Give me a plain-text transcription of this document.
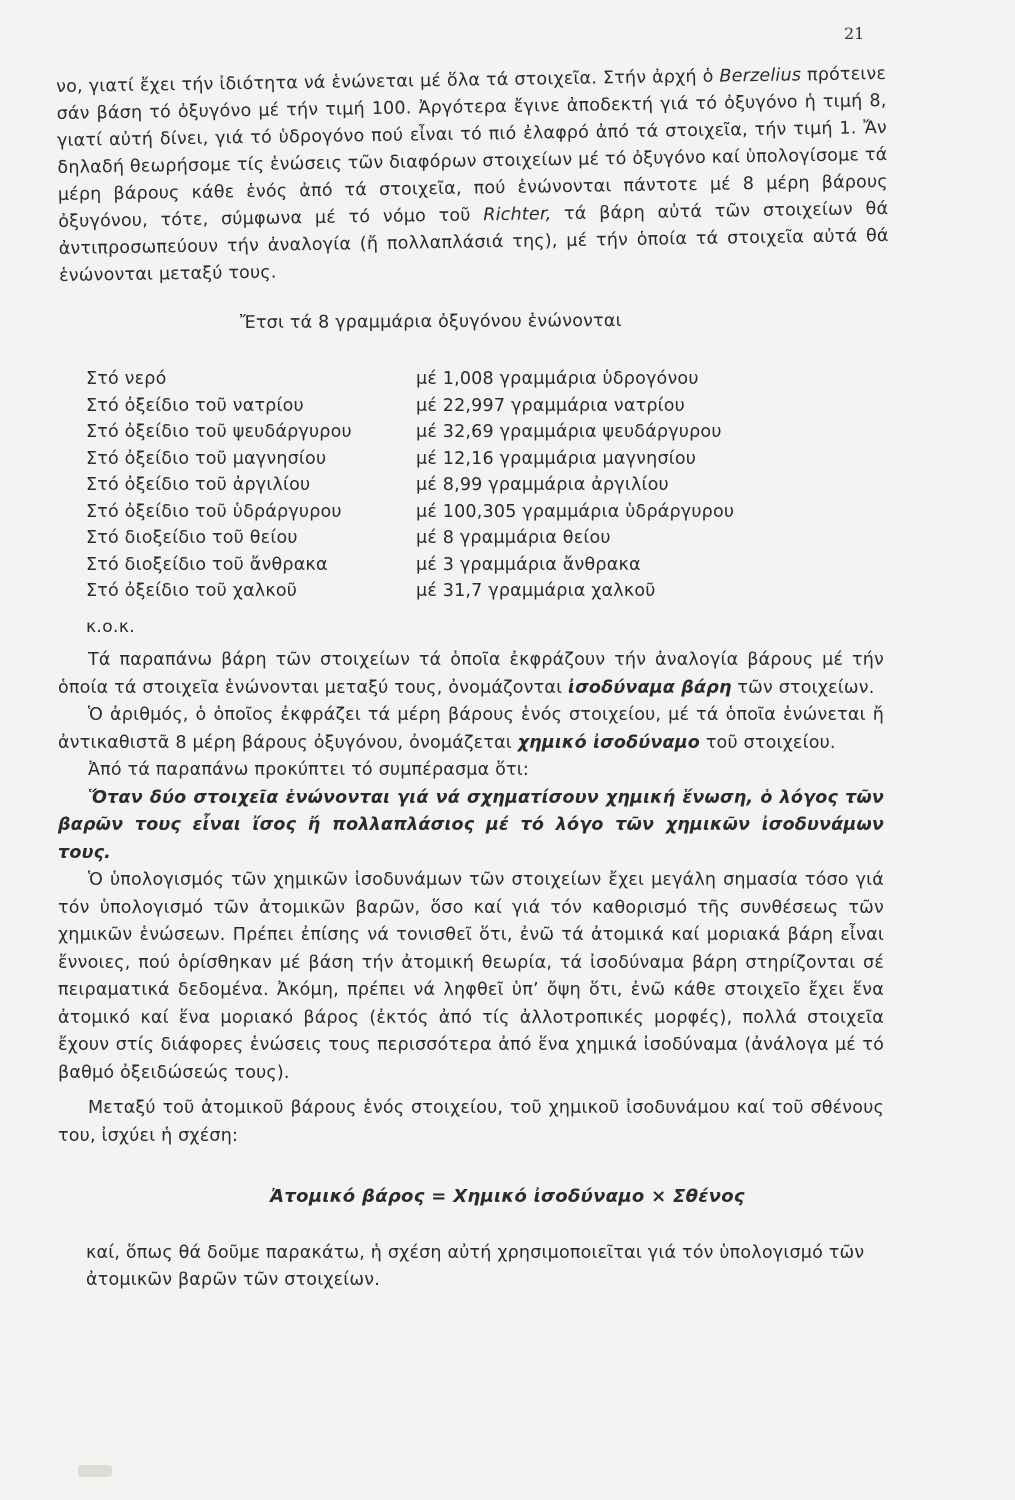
21

νο, γιατί ἔχει τήν ἰδιότητα νά ἑνώνεται μέ ὅλα τά στοιχεῖα. Στήν ἀρχή ὁ Berzelius πρότεινε σάν βάση τό ὀξυγόνο μέ τήν τιμή 100. Ἀργότερα ἔγινε ἀποδεκτή γιά τό ὀξυγόνο ἡ τιμή 8, γιατί αὐτή δίνει, γιά τό ὑδρογόνο πού εἶναι τό πιό ἐλαφρό ἀπό τά στοιχεῖα, τήν τιμή 1. Ἄν δηλαδή θεωρήσομε τίς ἑνώσεις τῶν διαφόρων στοιχείων μέ τό ὀξυγόνο καί ὑπολογίσομε τά μέρη βάρους κάθε ἑνός ἀπό τά στοιχεῖα, πού ἑνώνονται πάντοτε μέ 8 μέρη βάρους ὀξυγόνου, τότε, σύμφωνα μέ τό νόμο τοῦ Richter, τά βάρη αὐτά τῶν στοιχείων θά ἀντιπροσωπεύουν τήν ἀναλογία (ἤ πολλαπλάσιά της), μέ τήν ὁποία τά στοιχεῖα αὐτά θά ἑνώνονται μεταξύ τους.

Ἔτσι τά 8 γραμμάρια ὀξυγόνου ἑνώνονται
Στό νερό	μέ 1,008 γραμμάρια ὑδρογόνου
Στό ὀξείδιο τοῦ νατρίου	μέ 22,997 γραμμάρια νατρίου
Στό ὀξείδιο τοῦ ψευδάργυρου	μέ 32,69 γραμμάρια ψευδάργυρου
Στό ὀξείδιο τοῦ μαγνησίου	μέ 12,16 γραμμάρια μαγνησίου
Στό ὀξείδιο τοῦ ἀργιλίου	μέ 8,99 γραμμάρια ἀργιλίου
Στό ὀξείδιο τοῦ ὑδράργυρου	μέ 100,305 γραμμάρια ὑδράργυρου
Στό διοξείδιο τοῦ θείου	μέ 8 γραμμάρια θείου
Στό διοξείδιο τοῦ ἄνθρακα	μέ 3 γραμμάρια ἄνθρακα
Στό ὀξείδιο τοῦ χαλκοῦ	μέ 31,7 γραμμάρια χαλκοῦ
κ.ο.κ.

Τά παραπάνω βάρη τῶν στοιχείων τά ὁποῖα ἐκφράζουν τήν ἀναλογία βάρους μέ τήν ὁποία τά στοιχεῖα ἑνώνονται μεταξύ τους, ὀνομάζονται ἰσοδύναμα βάρη τῶν στοιχείων.

Ὁ ἀριθμός, ὁ ὁποῖος ἐκφράζει τά μέρη βάρους ἑνός στοιχείου, μέ τά ὁποῖα ἑνώνεται ἤ ἀντικαθιστᾶ 8 μέρη βάρους ὀξυγόνου, ὀνομάζεται χημικό ἰσοδύναμο τοῦ στοιχείου.

Ἀπό τά παραπάνω προκύπτει τό συμπέρασμα ὅτι:

Ὅταν δύο στοιχεῖα ἑνώνονται γιά νά σχηματίσουν χημική ἕνωση, ὁ λόγος τῶν βαρῶν τους εἶναι ἴσος ἤ πολλαπλάσιος μέ τό λόγο τῶν χημικῶν ἰσοδυνάμων τους.

Ὁ ὑπολογισμός τῶν χημικῶν ἰσοδυνάμων τῶν στοιχείων ἔχει μεγάλη σημασία τόσο γιά τόν ὑπολογισμό τῶν ἀτομικῶν βαρῶν, ὅσο καί γιά τόν καθορισμό τῆς συνθέσεως τῶν χημικῶν ἑνώσεων. Πρέπει ἐπίσης νά τονισθεῖ ὅτι, ἐνῶ τά ἀτομικά καί μοριακά βάρη εἶναι ἔννοιες, πού ὁρίσθηκαν μέ βάση τήν ἀτομική θεωρία, τά ἰσοδύναμα βάρη στηρίζονται σέ πειραματικά δεδομένα. Ἀκόμη, πρέπει νά ληφθεῖ ὑπ’ ὄψη ὅτι, ἐνῶ κάθε στοιχεῖο ἔχει ἕνα ἀτομικό καί ἕνα μοριακό βάρος (ἐκτός ἀπό τίς ἀλλοτροπικές μορφές), πολλά στοιχεῖα ἔχουν στίς διάφορες ἑνώσεις τους περισσότερα ἀπό ἕνα χημικά ἰσοδύναμα (ἀνάλογα μέ τό βαθμό ὀξειδώσεώς τους).

Μεταξύ τοῦ ἀτομικοῦ βάρους ἑνός στοιχείου, τοῦ χημικοῦ ἰσοδυνάμου καί τοῦ σθένους του, ἰσχύει ἡ σχέση:

Ἀτομικό βάρος = Χημικό ἰσοδύναμο × Σθένος

καί, ὅπως θά δοῦμε παρακάτω, ἡ σχέση αὐτή χρησιμοποιεῖται γιά τόν ὑπολογισμό τῶν ἀτομικῶν βαρῶν τῶν στοιχείων.
